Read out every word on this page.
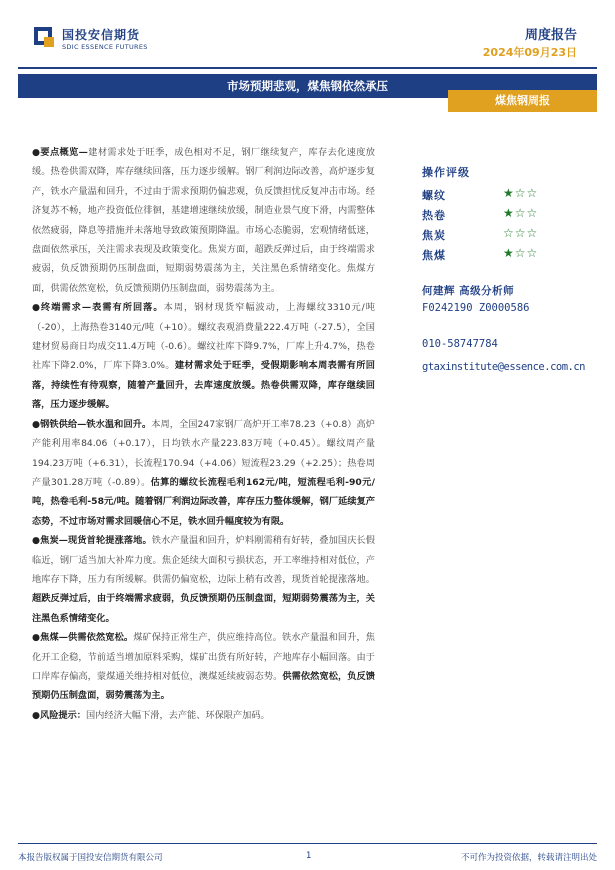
国投安信期货
SDIC ESSENCE FUTURES
周度报告
2024年09月23日
市场预期悲观，煤焦钢依然承压
煤焦钢周报

●要点概览—建材需求处于旺季，成色相对不足，钢厂继续复产，库存去化速度放缓。热卷供需双降，库存继续回落，压力逐步缓解。钢厂利润边际改善，高炉逐步复产，铁水产量温和回升，不过由于需求预期仍偏悲观，负反馈担忧反复冲击市场。经济复苏不畅，地产投资低位徘徊，基建增速继续放缓，制造业景气度下滑，内需整体依然疲弱，降息等措施并未落地导致政策预期降温。市场心态脆弱，宏观情绪低迷，盘面依然承压，关注需求表现及政策变化。焦炭方面，超跌反弹过后，由于终端需求疲弱，负反馈预期仍压制盘面，短期弱势震荡为主，关注黑色系情绪变化。焦煤方面，供需依然宽松，负反馈预期仍压制盘面，弱势震荡为主。

●终端需求—表需有所回落。本周，钢材现货窄幅波动，上海螺纹3310元/吨（-20），上海热卷3140元/吨（+10）。螺纹表观消费量222.4万吨（-27.5），全国建材贸易商日均成交11.4万吨（-0.6）。螺纹社库下降9.7%，厂库上升4.7%，热卷社库下降2.0%，厂库下降3.0%。建材需求处于旺季，受假期影响本周表需有所回落，持续性有待观察，随着产量回升，去库速度放缓。热卷供需双降，库存继续回落，压力逐步缓解。

●钢铁供给—铁水温和回升。本周，全国247家钢厂高炉开工率78.23（+0.8）高炉产能利用率84.06（+0.17），日均铁水产量223.83万吨（+0.45）。螺纹周产量194.23万吨（+6.31），长流程170.94（+4.06）短流程23.29（+2.25）；热卷周产量301.28万吨（-0.89）。估算的螺纹长流程毛利162元/吨，短流程毛利-90元/吨，热卷毛利-58元/吨。随着钢厂利润边际改善，库存压力整体缓解，钢厂延续复产态势，不过市场对需求回暖信心不足，铁水回升幅度较为有限。

●焦炭—现货首轮提涨落地。铁水产量温和回升，炉料刚需稍有好转，叠加国庆长假临近，钢厂适当加大补库力度。焦企延续大面积亏损状态，开工率维持相对低位，产地库存下降，压力有所缓解。供需仍偏宽松，边际上稍有改善，现货首轮提涨落地。超跌反弹过后，由于终端需求疲弱，负反馈预期仍压制盘面，短期弱势震荡为主，关注黑色系情绪变化。

●焦煤—供需依然宽松。煤矿保持正常生产，供应维持高位。铁水产量温和回升，焦化开工企稳，节前适当增加原料采购，煤矿出货有所好转，产地库存小幅回落。由于口岸库存偏高，蒙煤通关维持相对低位，澳煤延续疲弱态势。供需依然宽松，负反馈预期仍压制盘面，弱势震荡为主。

●风险提示：国内经济大幅下滑，去产能、环保限产加码。

操作评级
螺纹	★☆☆
热卷	★☆☆
焦炭	☆☆☆
焦煤	★☆☆
何建辉 高级分析师
F0242190 Z0000586
010-58747784
gtaxinstitute@essence.com.cn
本报告版权属于国投安信期货有限公司	1	不可作为投资依据，转载请注明出处
